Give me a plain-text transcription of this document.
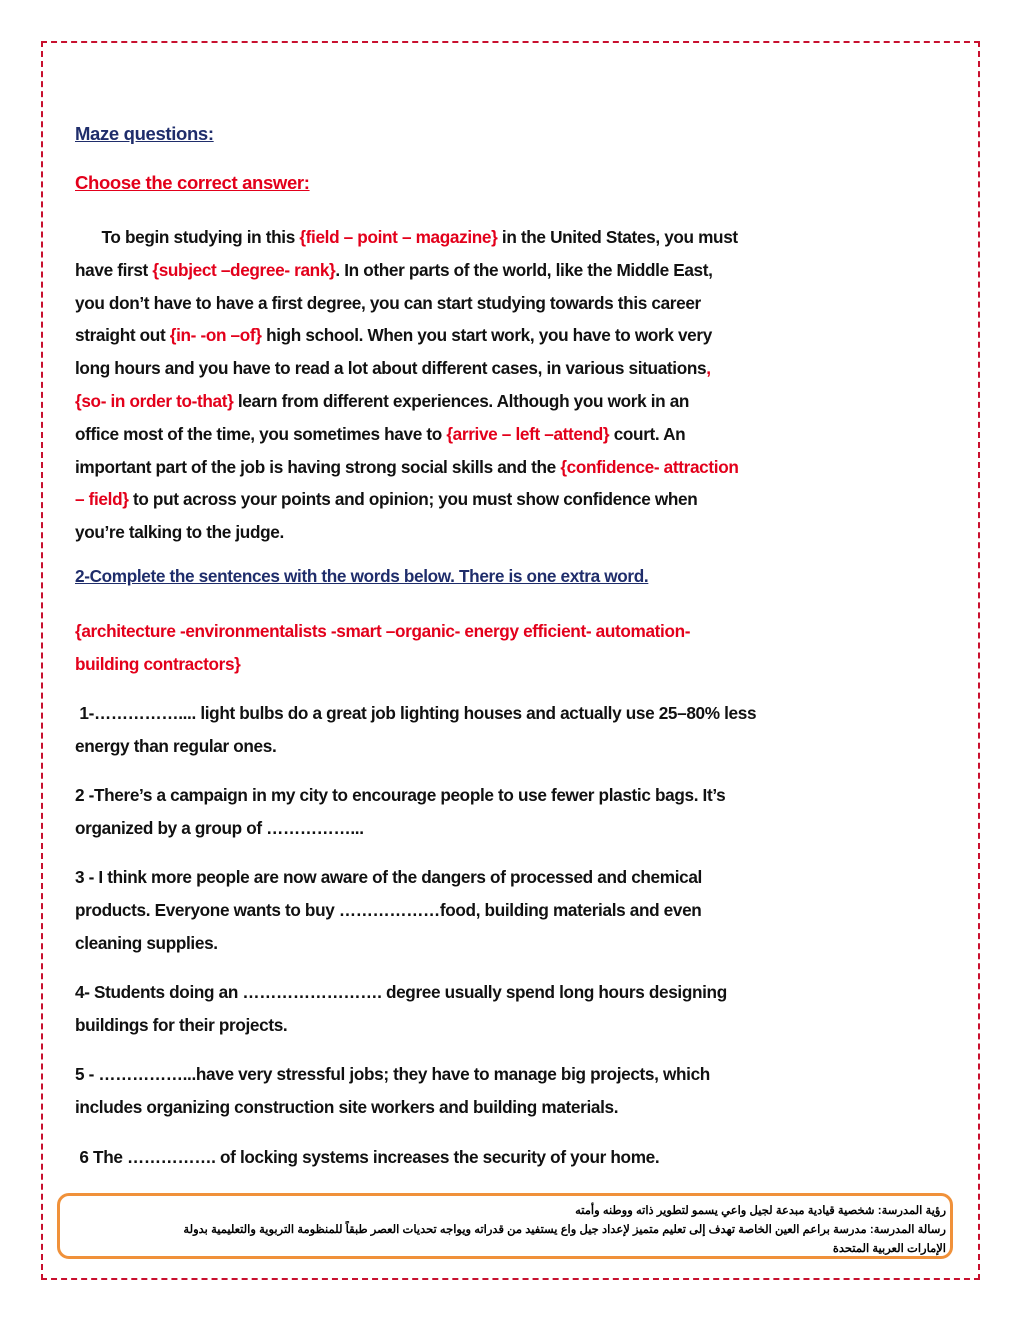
Maze questions:
Choose the correct answer:
To begin studying in this {field – point – magazine} in the United States, you must
have first {subject –degree- rank}. In other parts of the world, like the Middle East,
you don’t have to have a first degree, you can start studying towards this career
straight out {in- -on –of} high school. When you start work, you have to work very
long hours and you have to read a lot about different cases, in various situations,
{so- in order to-that} learn from different experiences. Although you work in an
office most of the time, you sometimes have to {arrive – left –attend} court. An
important part of the job is having strong social skills and the {confidence- attraction
– field} to put across your points and opinion; you must show confidence when
you’re talking to the judge.
2-Complete the sentences with the words below. There is one extra word.
{architecture -environmentalists -smart –organic- energy efficient- automation-
building contractors}
1-…………….... light bulbs do a great job lighting houses and actually use 25–80% less
energy than regular ones.
2 -There’s a campaign in my city to encourage people to use fewer plastic bags. It’s
organized by a group of ……………...
3 - I think more people are now aware of the dangers of processed and chemical
products. Everyone wants to buy ………………food, building materials and even
cleaning supplies.
4- Students doing an ……………………. degree usually spend long hours designing
buildings for their projects.
5 - ……………...have very stressful jobs; they have to manage big projects, which
includes organizing construction site workers and building materials.
6 The ……………. of locking systems increases the security of your home.
رؤية المدرسة: شخصية قيادية مبدعة لجيل واعي يسمو لتطوير ذاته ووطنه وأمته
رسالة المدرسة: مدرسة براعم العين الخاصة تهدف إلى تعليم متميز لإعداد جيل واع يستفيد من قدراته ويواجه تحديات العصر طبقاً للمنظومة التربوية والتعليمية بدولة
الإمارات العربية المتحدة
